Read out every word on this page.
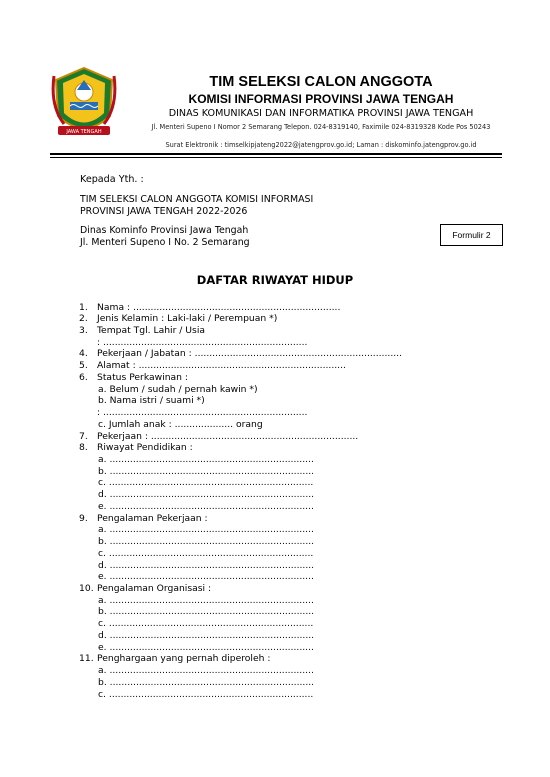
JAWA TENGAH
TIM SELEKSI CALON ANGGOTA
KOMISI INFORMASI PROVINSI JAWA TENGAH
DINAS KOMUNIKASI DAN INFORMATIKA PROVINSI JAWA TENGAH
Jl. Menteri Supeno I Nomor 2 Semarang Telepon. 024-8319140, Faximile 024-8319328 Kode Pos 50243
Surat Elektronik : timselkipjateng2022@jatengprov.go.id; Laman : diskominfo.jatengprov.go.id
Kepada Yth. :
TIM SELEKSI CALON ANGGOTA KOMISI INFORMASI
PROVINSI JAWA TENGAH 2022-2026
Dinas Kominfo Provinsi Jawa Tengah
Jl. Menteri Supeno I No. 2 Semarang
Formulir 2
DAFTAR RIWAYAT HIDUP
1. Nama : .......................................................................
2. Jenis Kelamin : Laki-laki / Perempuan *)
3. Tempat Tgl. Lahir / Usia
: ......................................................................
4. Pekerjaan / Jabatan : .......................................................................
5. Alamat : .......................................................................
6. Status Perkawinan :
a. Belum / sudah / pernah kawin *)
b. Nama istri / suami *)
: ......................................................................
c. Jumlah anak : .................... orang
7. Pekerjaan : .......................................................................
8. Riwayat Pendidikan :
a. ......................................................................
b. ......................................................................
c. ......................................................................
d. ......................................................................
e. ......................................................................
9. Pengalaman Pekerjaan :
a. ......................................................................
b. ......................................................................
c. ......................................................................
d. ......................................................................
e. ......................................................................
10. Pengalaman Organisasi :
a. ......................................................................
b. ......................................................................
c. ......................................................................
d. ......................................................................
e. ......................................................................
11. Penghargaan yang pernah diperoleh :
a. ......................................................................
b. ......................................................................
c. ......................................................................
